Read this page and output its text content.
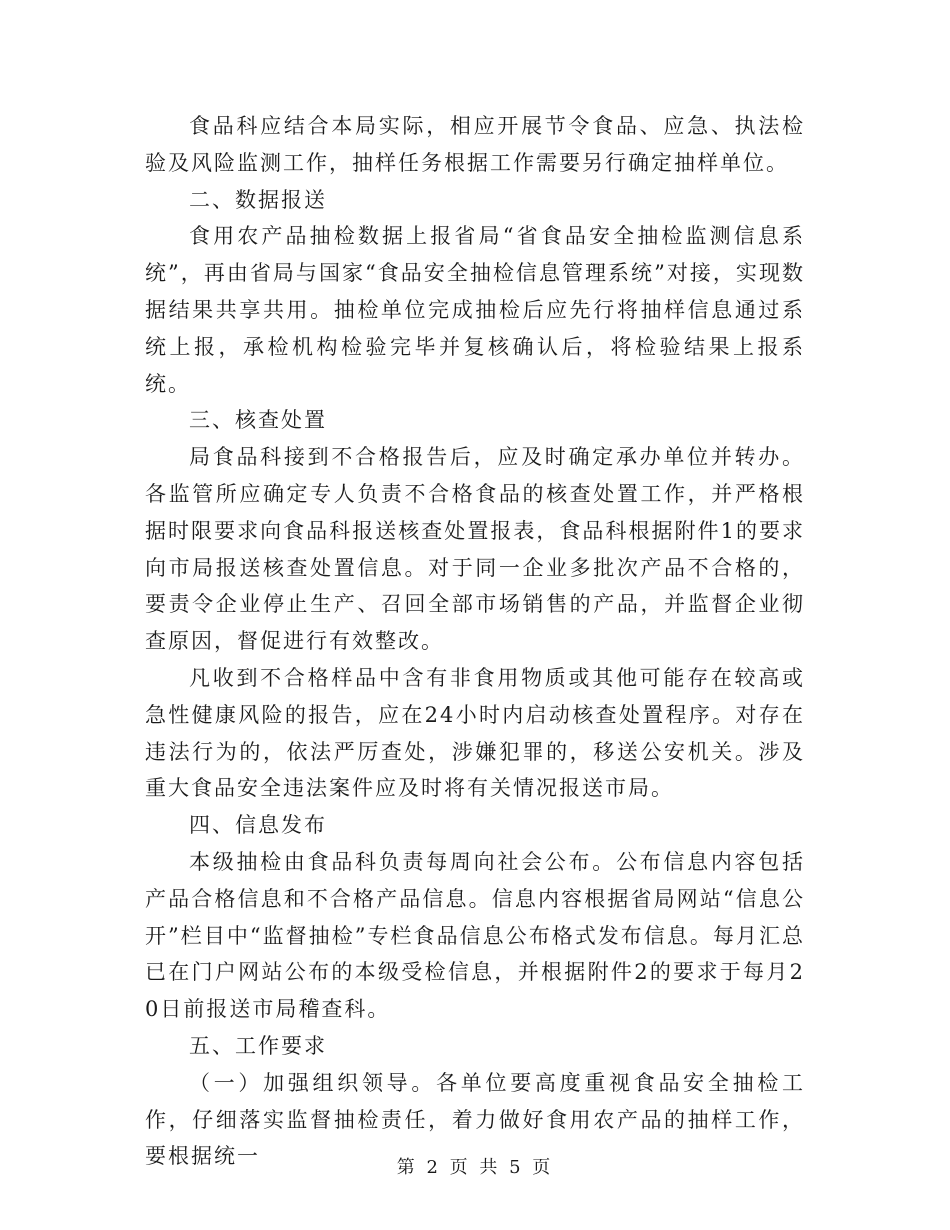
食品科应结合本局实际，相应开展节令食品、应急、执法检验及风险监测工作，抽样任务根据工作需要另行确定抽样单位。

二、数据报送

食用农产品抽检数据上报省局“省食品安全抽检监测信息系统”，再由省局与国家“食品安全抽检信息管理系统”对接，实现数据结果共享共用。抽检单位完成抽检后应先行将抽样信息通过系统上报，承检机构检验完毕并复核确认后，将检验结果上报系统。

三、核查处置

局食品科接到不合格报告后，应及时确定承办单位并转办。各监管所应确定专人负责不合格食品的核查处置工作，并严格根据时限要求向食品科报送核查处置报表，食品科根据附件1的要求向市局报送核查处置信息。对于同一企业多批次产品不合格的，要责令企业停止生产、召回全部市场销售的产品，并监督企业彻查原因，督促进行有效整改。

凡收到不合格样品中含有非食用物质或其他可能存在较高或急性健康风险的报告，应在24小时内启动核查处置程序。对存在违法行为的，依法严厉查处，涉嫌犯罪的，移送公安机关。涉及重大食品安全违法案件应及时将有关情况报送市局。

四、信息发布

本级抽检由食品科负责每周向社会公布。公布信息内容包括产品合格信息和不合格产品信息。信息内容根据省局网站“信息公开”栏目中“监督抽检”专栏食品信息公布格式发布信息。每月汇总已在门户网站公布的本级受检信息，并根据附件2的要求于每月20日前报送市局稽查科。

五、工作要求

（一）加强组织领导。各单位要高度重视食品安全抽检工作，仔细落实监督抽检责任，着力做好食用农产品的抽样工作，要根据统一	第 2 页 共 5 页
